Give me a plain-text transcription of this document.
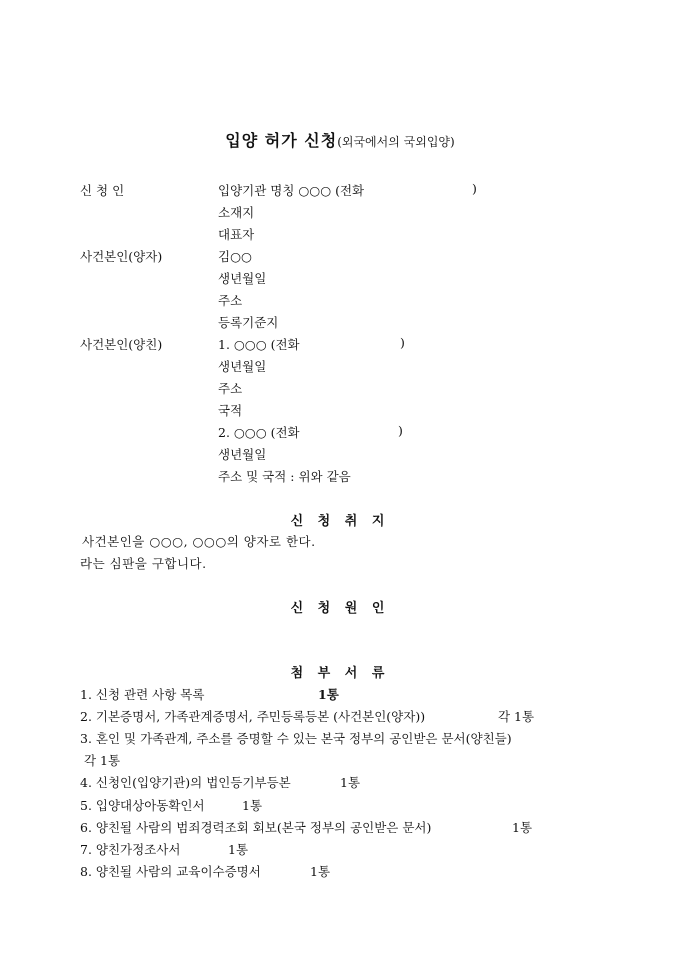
입양 허가 신청(외국에서의 국외입양)
신 청 인	입양기관 명칭 ○○○ (전화	)
소재지
대표자
사건본인(양자)	김○○
생년월일
주소
등록기준지
사건본인(양친)	1. ○○○ (전화	)
생년월일
주소
국적
2. ○○○ (전화	)
생년월일
주소 및 국적 : 위와 같음
신 청 취 지
사건본인을 ○○○, ○○○의 양자로 한다.
라는 심판을 구합니다.
신 청 원 인
첨 부 서 류
1. 신청 관련 사항 목록	1통
2. 기본증명서, 가족관계증명서, 주민등록등본 (사건본인(양자))	각 1통
3. 혼인 및 가족관계, 주소를 증명할 수 있는 본국 정부의 공인받은 문서(양친들)
각 1통
4. 신청인(입양기관)의 법인등기부등본	1통
5. 입양대상아동확인서	1통
6. 양친될 사람의 범죄경력조회 회보(본국 정부의 공인받은 문서)	1통
7. 양친가정조사서	1통
8. 양친될 사람의 교육이수증명서	1통
